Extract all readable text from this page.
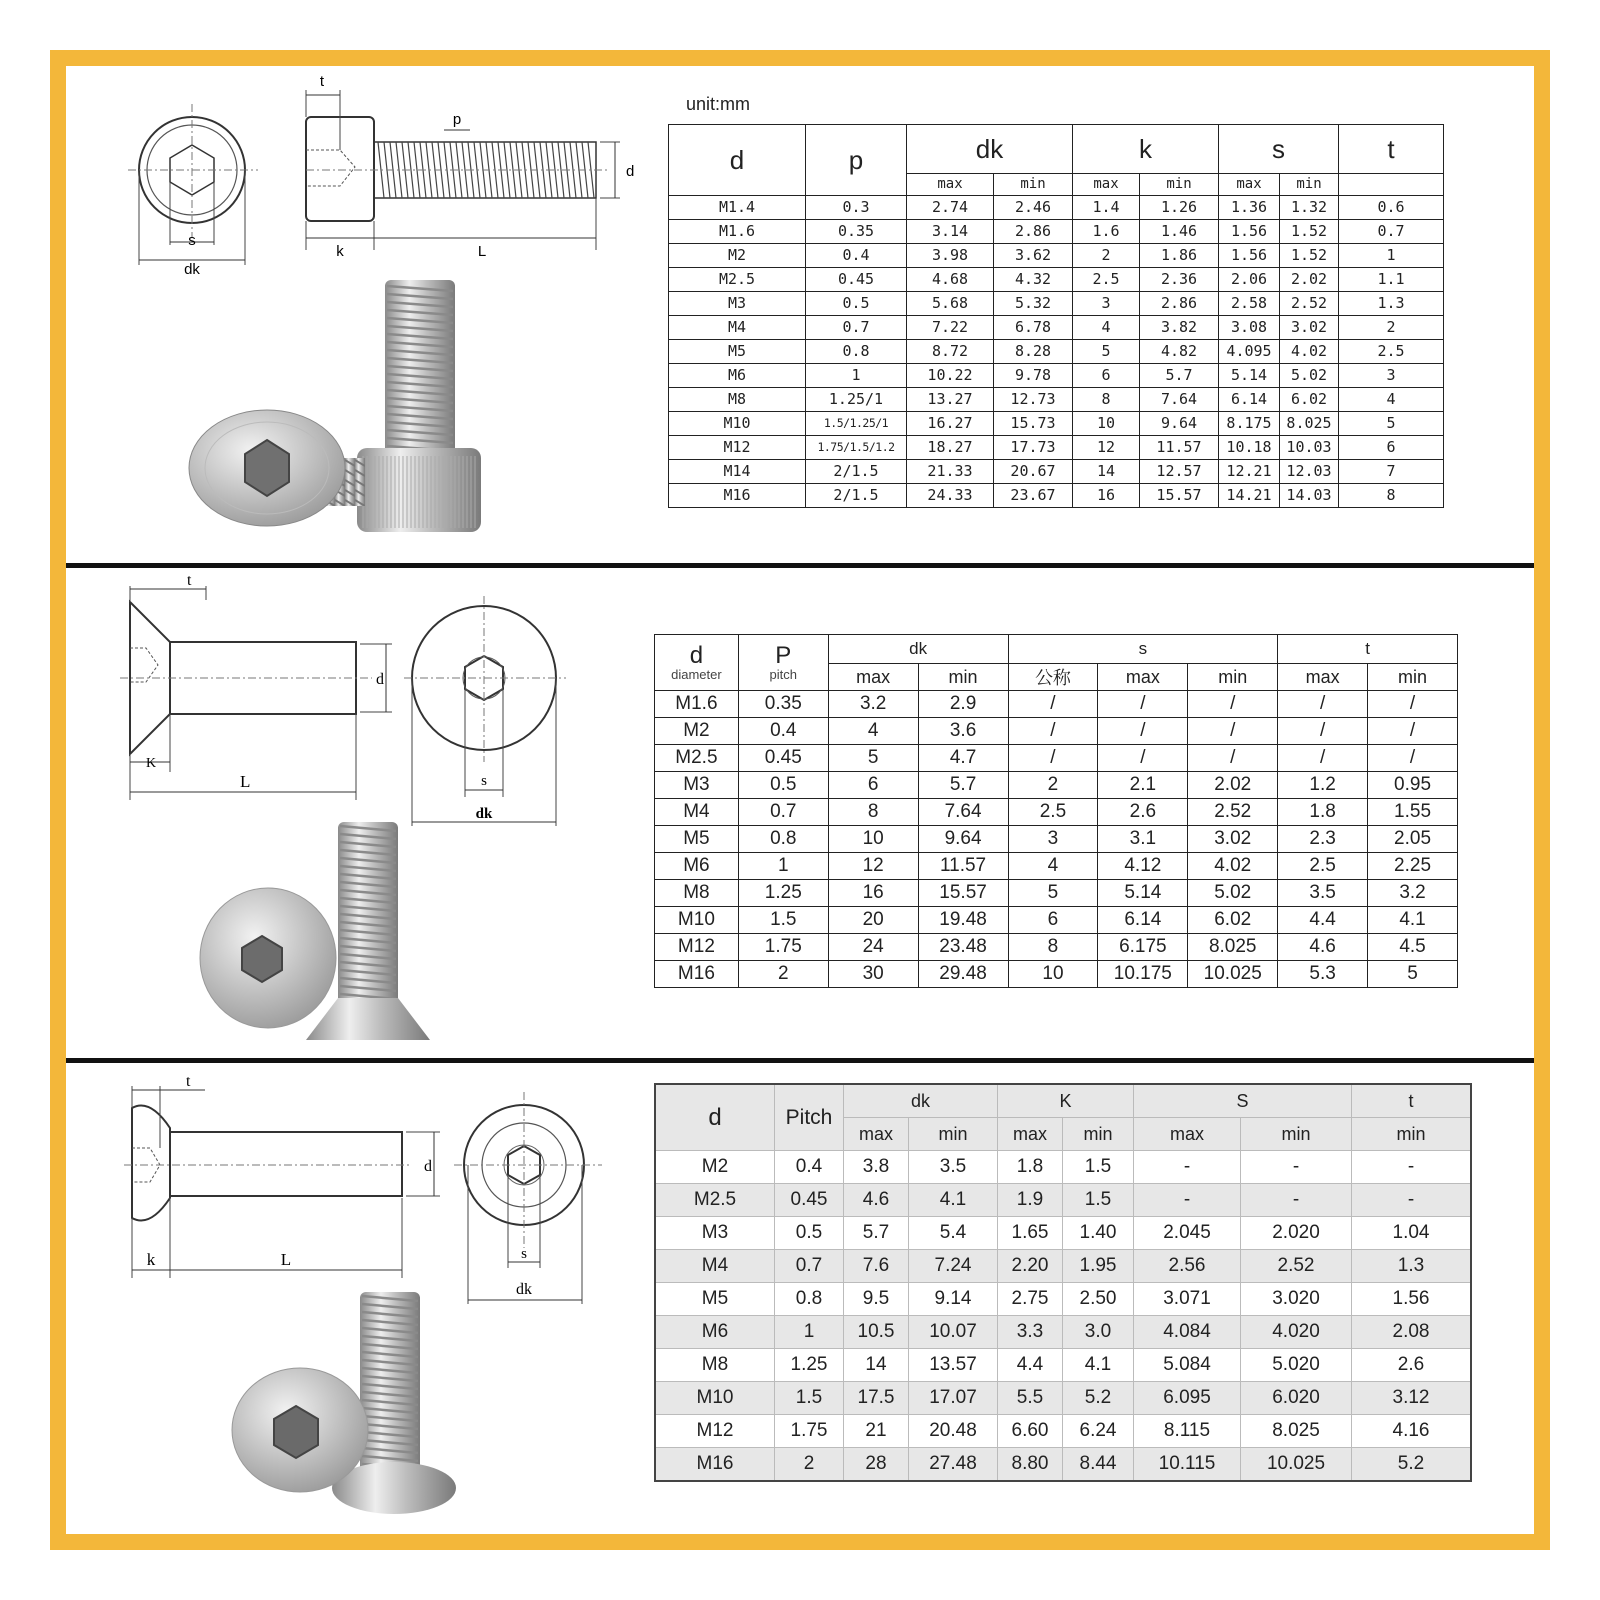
s
dk
t
p
d
k	L
unit:mm
d	p	dk		k		s		t
		max	min	max	min	max	min	
M1.4	0.3	2.74	2.46	1.4	1.26	1.36	1.32	0.6
M1.6	0.35	3.14	2.86	1.6	1.46	1.56	1.52	0.7
M2	0.4	3.98	3.62	2	1.86	1.56	1.52	1
M2.5	0.45	4.68	4.32	2.5	2.36	2.06	2.02	1.1
M3	0.5	5.68	5.32	3	2.86	2.58	2.52	1.3
M4	0.7	7.22	6.78	4	3.82	3.08	3.02	2
M5	0.8	8.72	8.28	5	4.82	4.095	4.02	2.5
M6	1	10.22	9.78	6	5.7	5.14	5.02	3
M8	1.25/1	13.27	12.73	8	7.64	6.14	6.02	4
M10	1.5/1.25/1	16.27	15.73	10	9.64	8.175	8.025	5
M12	1.75/1.5/1.2	18.27	17.73	12	11.57	10.18	10.03	6
M14	2/1.5	21.33	20.67	14	12.57	12.21	12.03	7
M16	2/1.5	24.33	23.67	16	15.57	14.21	14.03	8
t
d
K
L	s
dk
d
diameter	P
pitch	dk		s			t	
		max	min	公称	max	min	max	min
M1.6	0.35	3.2	2.9	/	/	/	/	/
M2	0.4	4	3.6	/	/	/	/	/
M2.5	0.45	5	4.7	/	/	/	/	/
M3	0.5	6	5.7	2	2.1	2.02	1.2	0.95
M4	0.7	8	7.64	2.5	2.6	2.52	1.8	1.55
M5	0.8	10	9.64	3	3.1	3.02	2.3	2.05
M6	1	12	11.57	4	4.12	4.02	2.5	2.25
M8	1.25	16	15.57	5	5.14	5.02	3.5	3.2
M10	1.5	20	19.48	6	6.14	6.02	4.4	4.1
M12	1.75	24	23.48	8	6.175	8.025	4.6	4.5
M16	2	30	29.48	10	10.175	10.025	5.3	5
t
d
k	L	s
dk
d	Pitch	dk		K		S		t
		max	min	max	min	max	min	min
M2	0.4	3.8	3.5	1.8	1.5	-	-	-
M2.5	0.45	4.6	4.1	1.9	1.5	-	-	-
M3	0.5	5.7	5.4	1.65	1.40	2.045	2.020	1.04
M4	0.7	7.6	7.24	2.20	1.95	2.56	2.52	1.3
M5	0.8	9.5	9.14	2.75	2.50	3.071	3.020	1.56
M6	1	10.5	10.07	3.3	3.0	4.084	4.020	2.08
M8	1.25	14	13.57	4.4	4.1	5.084	5.020	2.6
M10	1.5	17.5	17.07	5.5	5.2	6.095	6.020	3.12
M12	1.75	21	20.48	6.60	6.24	8.115	8.025	4.16
M16	2	28	27.48	8.80	8.44	10.115	10.025	5.2
